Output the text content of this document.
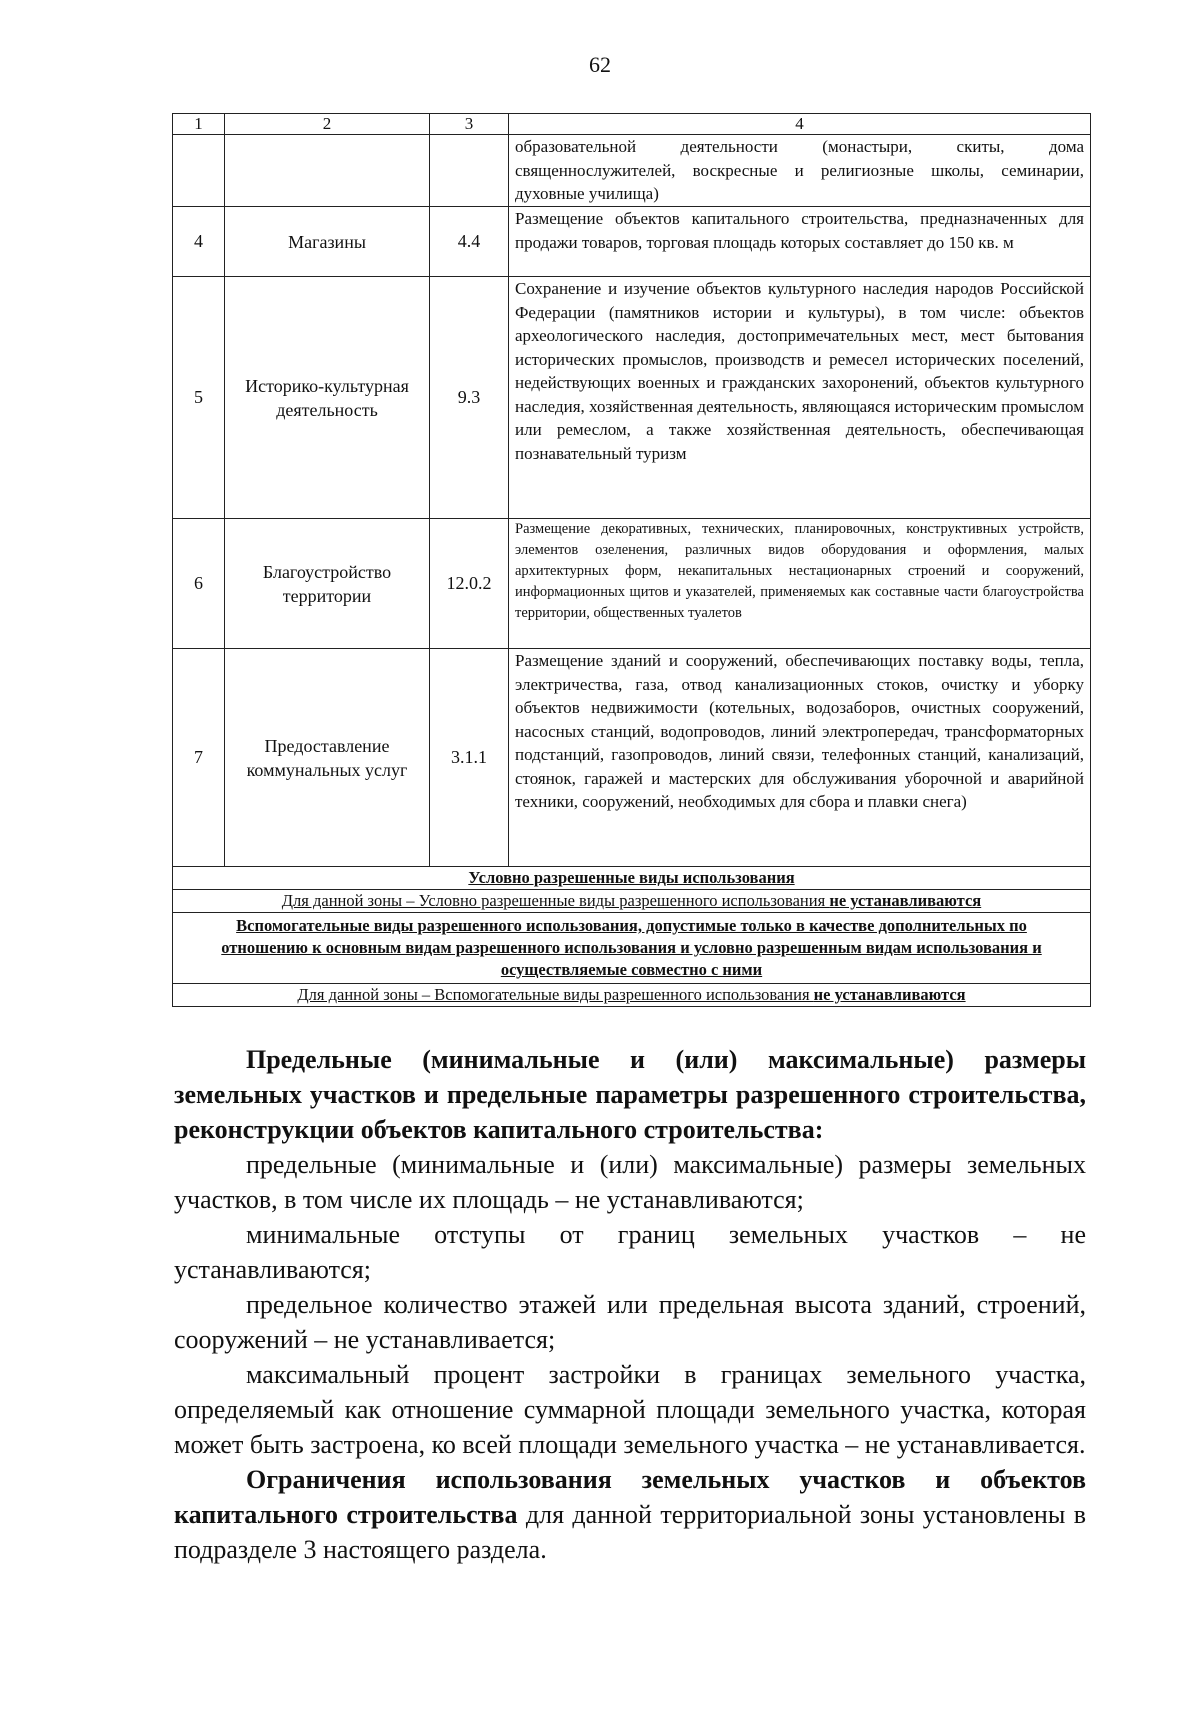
62
1	2	3	4
			образовательной деятельности (монастыри, скиты, дома священнослужителей, воскресные и религиозные школы, семинарии, духовные училища)
4	Магазины	4.4	Размещение объектов капитального строительства, предназначенных для продажи товаров, торговая площадь которых составляет до 150 кв. м
5	Историко-культурная деятельность	9.3	Сохранение и изучение объектов культурного наследия народов Российской Федерации (памятников истории и культуры), в том числе: объектов археологического наследия, достопримечательных мест, мест бытования исторических промыслов, производств и ремесел исторических поселений, недействующих военных и гражданских захоронений, объектов культурного наследия, хозяйственная деятельность, являющаяся историческим промыслом или ремеслом, а также хозяйственная деятельность, обеспечивающая познавательный туризм
6	Благоустройство территории	12.0.2	Размещение декоративных, технических, планировочных, конструктивных устройств, элементов озеленения, различных видов оборудования и оформления, малых архитектурных форм, некапитальных нестационарных строений и сооружений, информационных щитов и указателей, применяемых как составные части благоустройства территории, общественных туалетов
7	Предоставление коммунальных услуг	3.1.1	Размещение зданий и сооружений, обеспечивающих поставку воды, тепла, электричества, газа, отвод канализационных стоков, очистку и уборку объектов недвижимости (котельных, водозаборов, очистных сооружений, насосных станций, водопроводов, линий электропередач, трансформаторных подстанций, газопроводов, линий связи, телефонных станций, канализаций, стоянок, гаражей и мастерских для обслуживания уборочной и аварийной техники, сооружений, необходимых для сбора и плавки снега)
Условно разрешенные виды использования			
Для данной зоны – Условно разрешенные виды разрешенного использования не устанавливаются			
Вспомогательные виды разрешенного использования, допустимые только в качестве дополнительных по отношению к основным видам разрешенного использования и условно разрешенным видам использования и осуществляемые совместно с ними			
Для данной зоны – Вспомогательные виды разрешенного использования не устанавливаются			

Предельные (минимальные и (или) максимальные) размеры земельных участков и предельные параметры разрешенного строительства, реконструкции объектов капитального строительства:

предельные (минимальные и (или) максимальные) размеры земельных участков, в том числе их площадь – не устанавливаются;

минимальные отступы от границ земельных участков – не устанавливаются;

предельное количество этажей или предельная высота зданий, строений, сооружений – не устанавливается;

максимальный процент застройки в границах земельного участка, определяемый как отношение суммарной площади земельного участка, которая может быть застроена, ко всей площади земельного участка – не устанавливается.

Ограничения использования земельных участков и объектов капитального строительства для данной территориальной зоны установлены в подразделе 3 настоящего раздела.
